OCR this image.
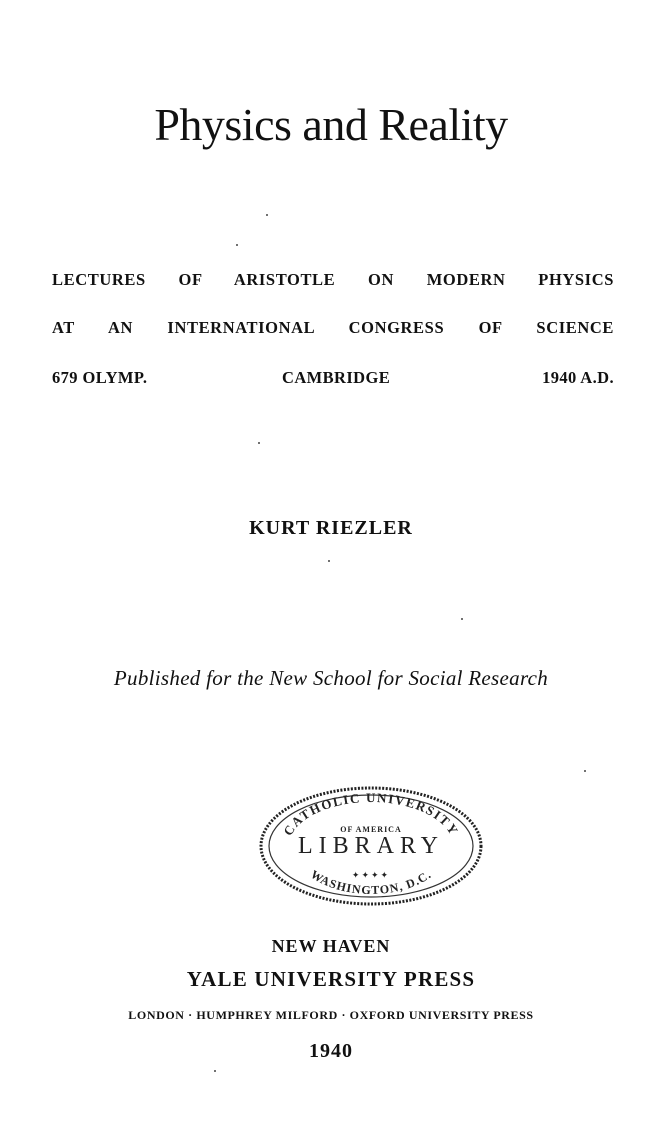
Physics and Reality
LECTURES OF ARISTOTLE ON MODERN PHYSICS
AT AN INTERNATIONAL CONGRESS OF SCIENCE
679 OLYMP.	CAMBRIDGE	1940 A.D.
KURT RIEZLER
Published for the New School for Social Research
CATHOLIC UNIVERSITY
OF AMERICA
✦✦✦✦
WASHINGTON, D.C.
LIBRARY
NEW HAVEN
YALE UNIVERSITY PRESS
LONDON · HUMPHREY MILFORD · OXFORD UNIVERSITY PRESS
1940
